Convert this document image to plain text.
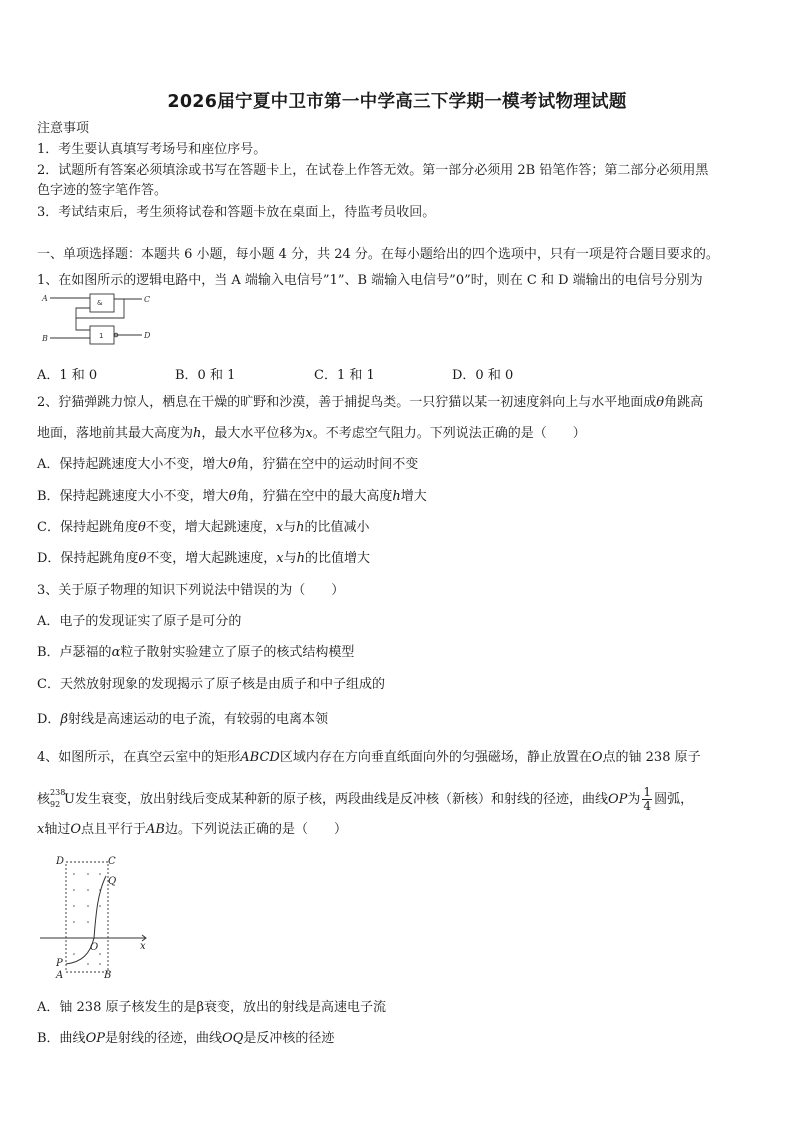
2026届宁夏中卫市第一中学高三下学期一模考试物理试题
注意事项
1．考生要认真填写考场号和座位序号。
2．试题所有答案必须填涂或书写在答题卡上，在试卷上作答无效。第一部分必须用 2B 铅笔作答；第二部分必须用黑
色字迹的签字笔作答。
3．考试结束后，考生须将试卷和答题卡放在桌面上，待监考员收回。
一、单项选择题：本题共 6 小题，每小题 4 分，共 24 分。在每小题给出的四个选项中，只有一项是符合题目要求的。
1、在如图所示的逻辑电路中，当 A 端输入电信号”1”、B 端输入电信号”0”时，则在 C 和 D 端输出的电信号分别为
A
B
C
D
&
1
A．1 和 0	B．0 和 1	C．1 和 1	D．0 和 0
2、狞猫弹跳力惊人，栖息在干燥的旷野和沙漠，善于捕捉鸟类。一只狞猫以某一初速度斜向上与水平地面成θ角跳高
地面，落地前其最大高度为h，最大水平位移为x。不考虑空气阻力。下列说法正确的是（　　）
A．保持起跳速度大小不变，增大θ角，狞猫在空中的运动时间不变
B．保持起跳速度大小不变，增大θ角，狞猫在空中的最大高度h增大
C．保持起跳角度θ不变，增大起跳速度，x与h的比值减小
D．保持起跳角度θ不变，增大起跳速度，x与h的比值增大
3、关于原子物理的知识下列说法中错误的为（　　）
A．电子的发现证实了原子是可分的
B．卢瑟福的α粒子散射实验建立了原子的核式结构模型
C．天然放射现象的发现揭示了原子核是由质子和中子组成的
D．β射线是高速运动的电子流，有较弱的电离本领
4、如图所示，在真空云室中的矩形ABCD区域内存在方向垂直纸面向外的匀强磁场，静止放置在O点的铀 238 原子
核 238
92 U发生衰变，放出射线后变成某种新的原子核，两段曲线是反冲核（新核）和射线的径迹，曲线OP为 $\frac{1}{4}$ 圆弧，
x轴过O点且平行于AB边。下列说法正确的是（　　）
D	C
Q
O	x
P
A	B
A．铀 238 原子核发生的是β衰变，放出的射线是高速电子流
B．曲线OP是射线的径迹，曲线OQ是反冲核的径迹
